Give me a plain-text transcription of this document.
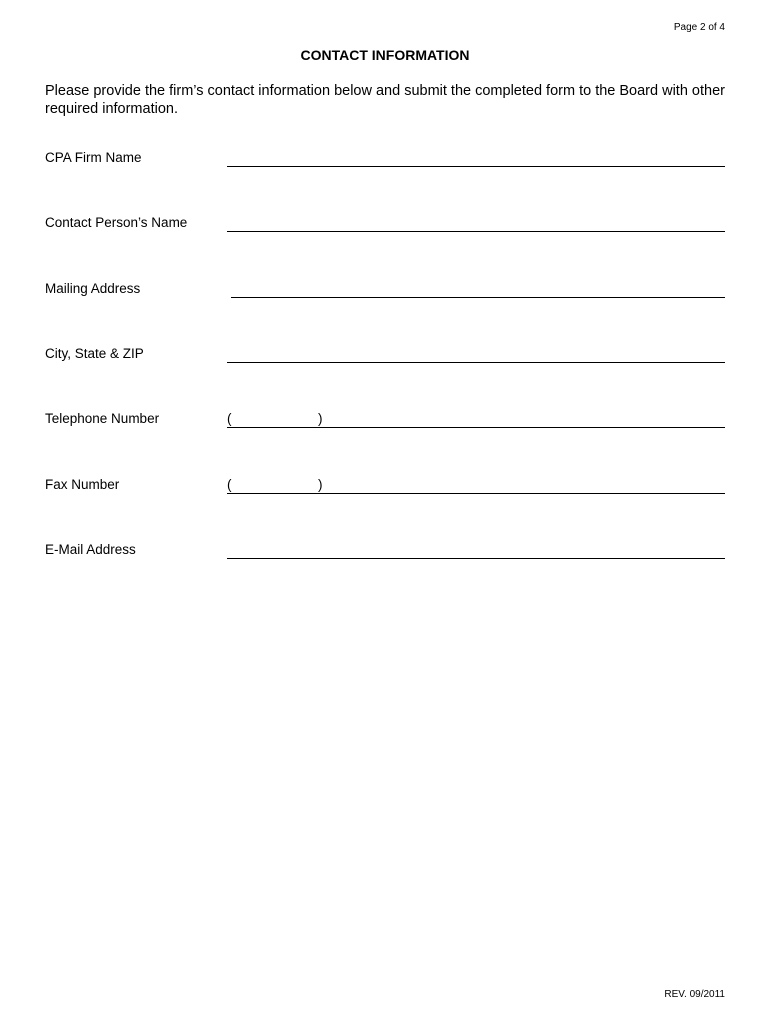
Page 2 of 4
CONTACT INFORMATION
Please provide the firm’s contact information below and submit the completed form to the Board with other required information.
CPA Firm Name
Contact Person’s Name
Mailing Address
City, State & ZIP
Telephone Number	(	)
Fax Number	(	)
E-Mail Address
REV. 09/2011
